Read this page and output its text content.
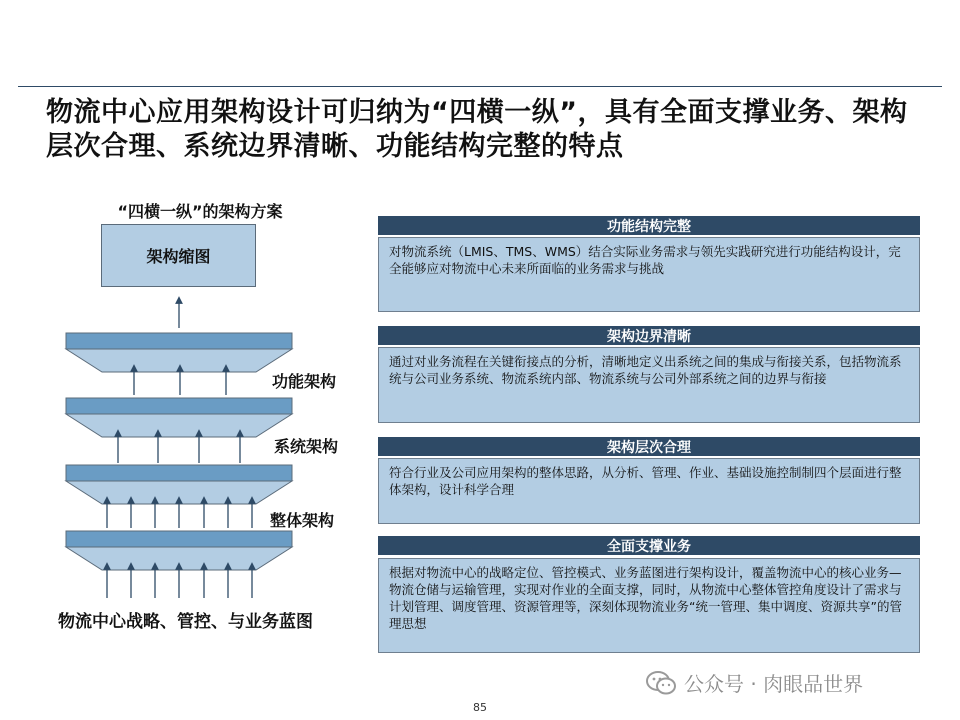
物流中心应用架构设计可归纳为“四横一纵”，具有全面支撑业务、架构
层次合理、系统边界清晰、功能结构完整的特点
“四横一纵”的架构方案
架构缩图
功能架构
系统架构
整体架构
物流中心战略、管控、与业务蓝图
功能结构完整
对物流系统（LMIS、TMS、WMS）结合实际业务需求与领先实践研究进行功能结构设计，完全能够应对物流中心未来所面临的业务需求与挑战
架构边界清晰
通过对业务流程在关键衔接点的分析，清晰地定义出系统之间的集成与衔接关系，包括物流系统与公司业务系统、物流系统内部、物流系统与公司外部系统之间的边界与衔接
架构层次合理
符合行业及公司应用架构的整体思路，从分析、管理、作业、基础设施控制制四个层面进行整体架构，设计科学合理
全面支撑业务
根据对物流中心的战略定位、管控模式、业务蓝图进行架构设计，覆盖物流中心的核心业务—物流仓储与运输管理，实现对作业的全面支撑，同时，从物流中心整体管控角度设计了需求与计划管理、调度管理、资源管理等，深刻体现物流业务“统一管理、集中调度、资源共享”的管理思想
公众号 · 肉眼品世界
85
